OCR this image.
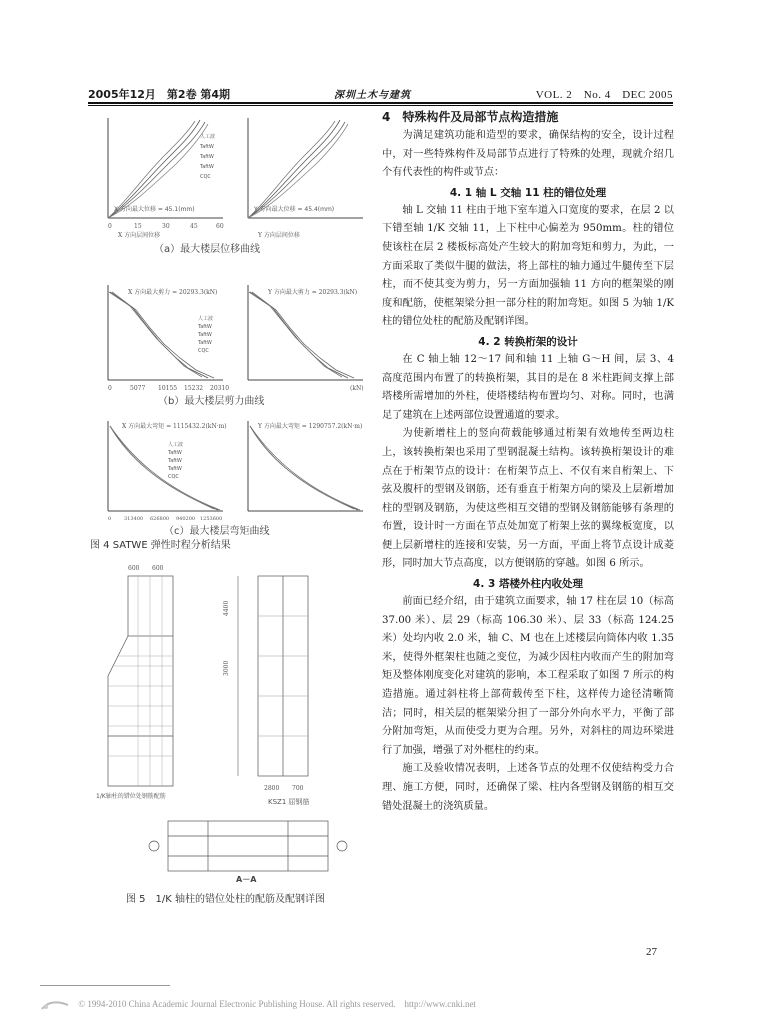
2005年12月　第2卷 第4期	深圳土木与建筑	VOL. 2　No. 4　DEC 2005
X 方向最大位移 = 45.1(mm)
0	15	30	45	60
X 方向层间位移
人工波
TaftW
TaftW
TaftW
CQC
Y 方向最大位移 = 45.4(mm)
Y 方向层间位移
（a）最大楼层位移曲线
X 方向最大剪力 = 20293.3(kN)
0	5077 10155 15232 20310
人工波
TaftW
TaftW
TaftW
CQC
Y 方向最大剪力 = 20293.3(kN)
(kN)
（b）最大楼层剪力曲线
X 方向最大弯矩 = 1115432.2(kN·m)
0	313400 626800 940200 1253600
人工波
TaftW
TaftW
TaftW
CQC
Y 方向最大弯矩 = 1290757.2(kN·m)
（c）最大楼层弯矩曲线
图 4 SATWE 弹性时程分析结果
600 600
1/K轴柱的错位处钢筋配筋
3000
4400
2800 700
KSZ1 屈钢筋
A－A
图 5　1/K 轴柱的错位处柱的配筋及配钢详图
4　特殊构件及局部节点构造措施

为满足建筑功能和造型的要求，确保结构的安全，设计过程中，对一些特殊构件及局部节点进行了特殊的处理，现就介绍几个有代表性的构件或节点：

4. 1 轴 L 交轴 11 柱的错位处理

轴 L 交轴 11 柱由于地下室车道入口宽度的要求，在层 2 以下错至轴 1/K 交轴 11，上下柱中心偏差为 950mm。柱的错位使该柱在层 2 楼板标高处产生较大的附加弯矩和剪力，为此，一方面采取了类似牛腿的做法，将上部柱的轴力通过牛腿传至下层柱，而不使其变为剪力，另一方面加强轴 11 方向的框架梁的刚度和配筋，使框架梁分担一部分柱的附加弯矩。如图 5 为轴 1/K 柱的错位处柱的配筋及配钢详图。

4. 2 转换桁架的设计

在 C 轴上轴 12～17 间和轴 11 上轴 G～H 间，层 3、4 高度范围内布置了的转换桁架，其目的是在 8 米柱距间支撑上部塔楼所需增加的外柱，使塔楼结构布置均匀、对称。同时，也满足了建筑在上述两部位设置通道的要求。

为使新增柱上的竖向荷载能够通过桁架有效地传至两边柱上，该转换桁架也采用了型钢混凝土结构。该转换桁架设计的难点在于桁架节点的设计：在桁架节点上、不仅有来自桁架上、下弦及腹杆的型钢及钢筋，还有垂直于桁架方向的梁及上层新增加柱的型钢及钢筋，为使这些相互交错的型钢及钢筋能够有条理的布置，设计时一方面在节点处加宽了桁架上弦的翼缘板宽度，以便上层新增柱的连接和安装，另一方面，平面上将节点设计成菱形，同时加大节点高度，以方便钢筋的穿越。如图 6 所示。

4. 3 塔楼外柱内收处理

前面已经介绍，由于建筑立面要求，轴 17 柱在层 10（标高 37.00 米）、层 29（标高 106.30 米）、层 33（标高 124.25 米）处均内收 2.0 米，轴 C、M 也在上述楼层向筒体内收 1.35 米，使得外框架柱也随之变位，为减少因柱内收而产生的附加弯矩及整体刚度变化对建筑的影响，本工程采取了如图 7 所示的构造措施。通过斜柱将上部荷载传至下柱，这样传力途径清晰简洁；同时，相关层的框架梁分担了一部分外向水平力，平衡了部分附加弯矩，从而使受力更为合理。另外，对斜柱的周边环梁进行了加强，增强了对外框柱的约束。

施工及验收情况表明，上述各节点的处理不仅使结构受力合理、施工方便，同时，还确保了梁、柱内各型钢及钢筋的相互交错处混凝土的浇筑质量。

27
© 1994-2010 China Academic Journal Electronic Publishing House. All rights reserved.　http://www.cnki.net
